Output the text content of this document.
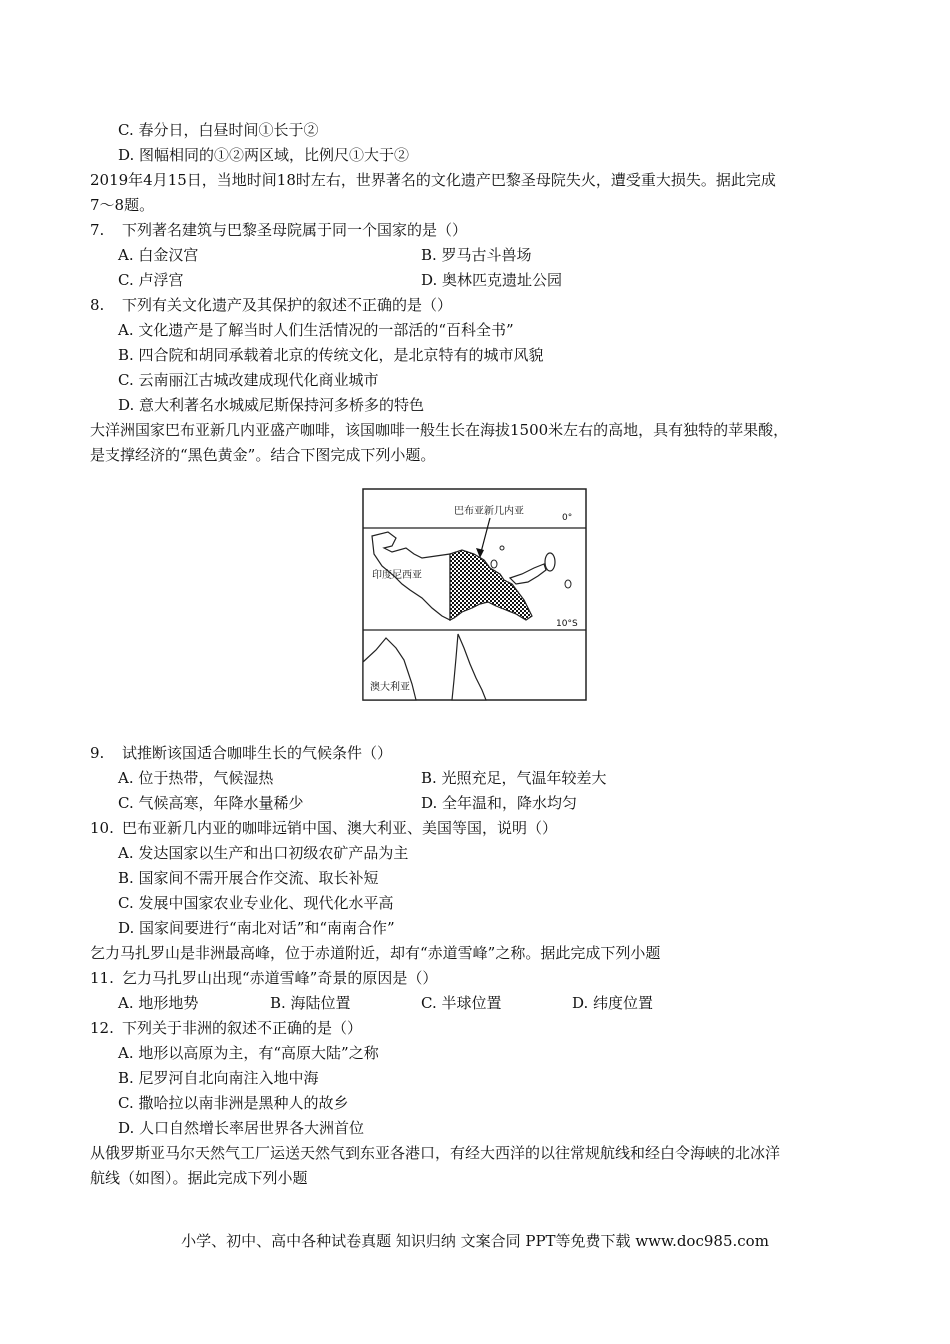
C. 春分日，白昼时间①长于②
D. 图幅相同的①②两区域，比例尺①大于②
2019年4月15日，当地时间18时左右，世界著名的文化遗产巴黎圣母院失火，遭受重大损失。据此完成
7～8题。
7. 下列著名建筑与巴黎圣母院属于同一个国家的是（）
A. 白金汉宫	B. 罗马古斗兽场
C. 卢浮宫	D. 奥林匹克遗址公园
8. 下列有关文化遗产及其保护的叙述不正确的是（）
A. 文化遗产是了解当时人们生活情况的一部活的“百科全书”
B. 四合院和胡同承载着北京的传统文化，是北京特有的城市风貌
C. 云南丽江古城改建成现代化商业城市
D. 意大利著名水城威尼斯保持河多桥多的特色
大洋洲国家巴布亚新几内亚盛产咖啡，该国咖啡一般生长在海拔1500米左右的高地，具有独特的苹果酸，
是支撑经济的“黑色黄金”。结合下图完成下列小题。
巴布亚新几内亚
0°
印度尼西亚
10°S
澳大利亚
9. 试推断该国适合咖啡生长的气候条件（）
A. 位于热带，气候湿热	B. 光照充足，气温年较差大
C. 气候高寒，年降水量稀少	D. 全年温和，降水均匀
10. 巴布亚新几内亚的咖啡远销中国、澳大利亚、美国等国，说明（）
A. 发达国家以生产和出口初级农矿产品为主
B. 国家间不需开展合作交流、取长补短
C. 发展中国家农业专业化、现代化水平高
D. 国家间要进行“南北对话”和“南南合作”
乞力马扎罗山是非洲最高峰，位于赤道附近，却有“赤道雪峰”之称。据此完成下列小题
11. 乞力马扎罗山出现“赤道雪峰”奇景的原因是（）
A. 地形地势	B. 海陆位置	C. 半球位置	D. 纬度位置
12. 下列关于非洲的叙述不正确的是（）
A. 地形以高原为主，有“高原大陆”之称
B. 尼罗河自北向南注入地中海
C. 撒哈拉以南非洲是黑种人的故乡
D. 人口自然增长率居世界各大洲首位
从俄罗斯亚马尔天然气工厂运送天然气到东亚各港口，有经大西洋的以往常规航线和经白令海峡的北冰洋
航线（如图）。据此完成下列小题
小学、初中、高中各种试卷真题 知识归纳 文案合同 PPT等免费下载 www.doc985.com
